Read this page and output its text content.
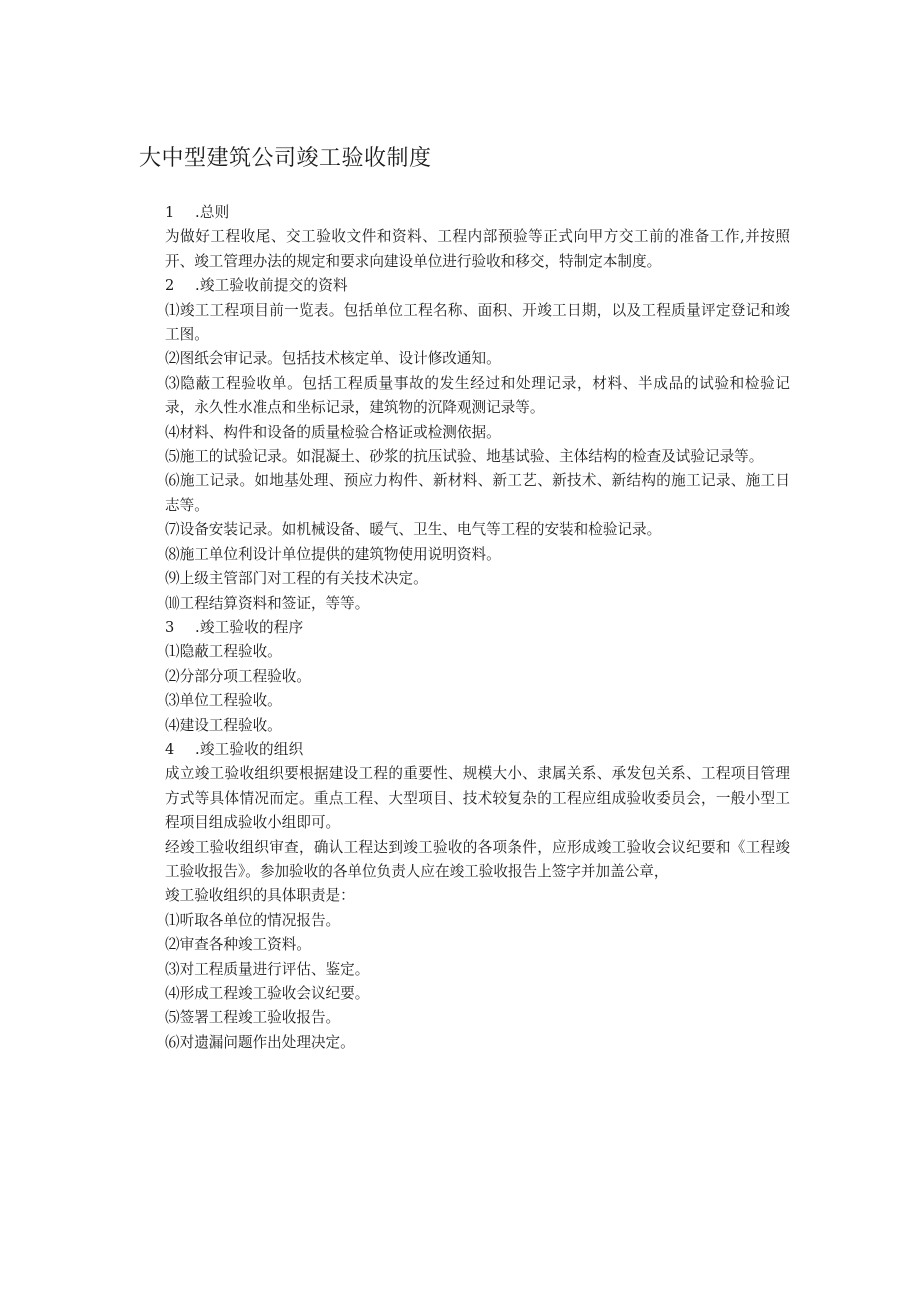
大中型建筑公司竣工验收制度

1 .总则

为做好工程收尾、交工验收文件和资料、工程内部预验等正式向甲方交工前的准备工作,并按照开、竣工管理办法的规定和要求向建设单位进行验收和移交，特制定本制度。

2 .竣工验收前提交的资料

⑴竣工工程项目前一览表。包括单位工程名称、面积、开竣工日期，以及工程质量评定登记和竣工图。

⑵图纸会审记录。包括技术核定单、设计修改通知。

⑶隐蔽工程验收单。包括工程质量事故的发生经过和处理记录，材料、半成品的试验和检验记录，永久性水准点和坐标记录，建筑物的沉降观测记录等。

⑷材料、构件和设备的质量检验合格证或检测依据。

⑸施工的试验记录。如混凝土、砂浆的抗压试验、地基试验、主体结构的检查及试验记录等。

⑹施工记录。如地基处理、预应力构件、新材料、新工艺、新技术、新结构的施工记录、施工日志等。

⑺设备安装记录。如机械设备、暖气、卫生、电气等工程的安装和检验记录。

⑻施工单位利设计单位提供的建筑物使用说明资料。

⑼上级主管部门对工程的有关技术决定。

⑽工程结算资料和签证，等等。

3 .竣工验收的程序

⑴隐蔽工程验收。

⑵分部分项工程验收。

⑶单位工程验收。

⑷建设工程验收。

4 .竣工验收的组织

成立竣工验收组织要根据建设工程的重要性、规模大小、隶属关系、承发包关系、工程项目管理方式等具体情况而定。重点工程、大型项目、技术较复杂的工程应组成验收委员会，一般小型工程项目组成验收小组即可。

经竣工验收组织审查，确认工程达到竣工验收的各项条件，应形成竣工验收会议纪要和《工程竣工验收报告》。参加验收的各单位负责人应在竣工验收报告上签字并加盖公章，

竣工验收组织的具体职责是：

⑴听取各单位的情况报告。

⑵审查各种竣工资料。

⑶对工程质量进行评估、鉴定。

⑷形成工程竣工验收会议纪要。

⑸签署工程竣工验收报告。

⑹对遗漏问题作出处理决定。
